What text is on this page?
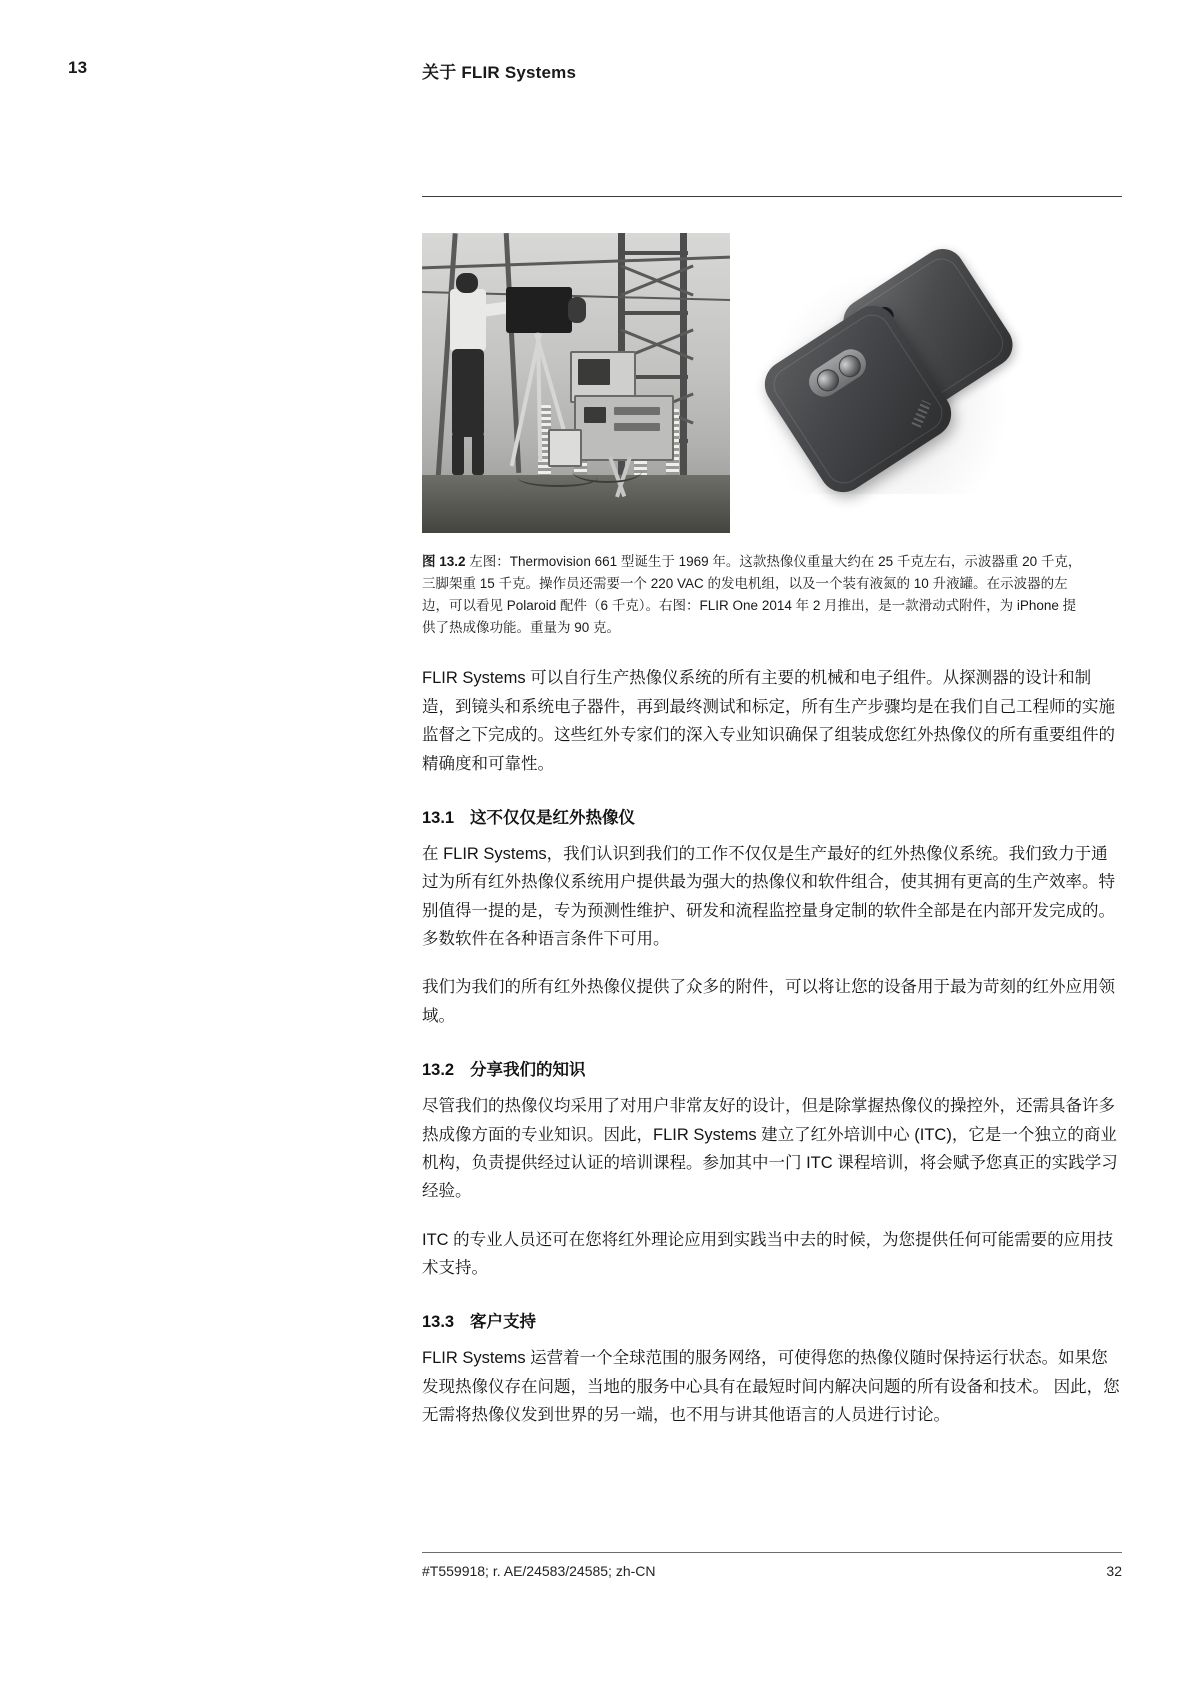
13	关于 FLIR Systems
图 13.2 左图：Thermovision 661 型诞生于 1969 年。这款热像仪重量大约在 25 千克左右，示波器重 20 千克，三脚架重 15 千克。操作员还需要一个 220 VAC 的发电机组，以及一个装有液氮的 10 升液罐。在示波器的左边，可以看见 Polaroid 配件（6 千克）。右图：FLIR One 2014 年 2 月推出，是一款滑动式附件，为 iPhone 提供了热成像功能。重量为 90 克。

FLIR Systems 可以自行生产热像仪系统的所有主要的机械和电子组件。从探测器的设计和制造，到镜头和系统电子器件，再到最终测试和标定，所有生产步骤均是在我们自己工程师的实施监督之下完成的。这些红外专家们的深入专业知识确保了组装成您红外热像仪的所有重要组件的精确度和可靠性。

13.1 这不仅仅是红外热像仪

在 FLIR Systems，我们认识到我们的工作不仅仅是生产最好的红外热像仪系统。我们致力于通过为所有红外热像仪系统用户提供最为强大的热像仪和软件组合，使其拥有更高的生产效率。特别值得一提的是，专为预测性维护、研发和流程监控量身定制的软件全部是在内部开发完成的。多数软件在各种语言条件下可用。

我们为我们的所有红外热像仪提供了众多的附件，可以将让您的设备用于最为苛刻的红外应用领域。

13.2 分享我们的知识

尽管我们的热像仪均采用了对用户非常友好的设计，但是除掌握热像仪的操控外，还需具备许多热成像方面的专业知识。因此，FLIR Systems 建立了红外培训中心 (ITC)，它是一个独立的商业机构，负责提供经过认证的培训课程。参加其中一门 ITC 课程培训，将会赋予您真正的实践学习经验。

ITC 的专业人员还可在您将红外理论应用到实践当中去的时候，为您提供任何可能需要的应用技术支持。

13.3 客户支持

FLIR Systems 运营着一个全球范围的服务网络，可使得您的热像仪随时保持运行状态。如果您发现热像仪存在问题，当地的服务中心具有在最短时间内解决问题的所有设备和技术。 因此，您无需将热像仪发到世界的另一端，也不用与讲其他语言的人员进行讨论。

#T559918; r. AE/24583/24585; zh-CN	32
